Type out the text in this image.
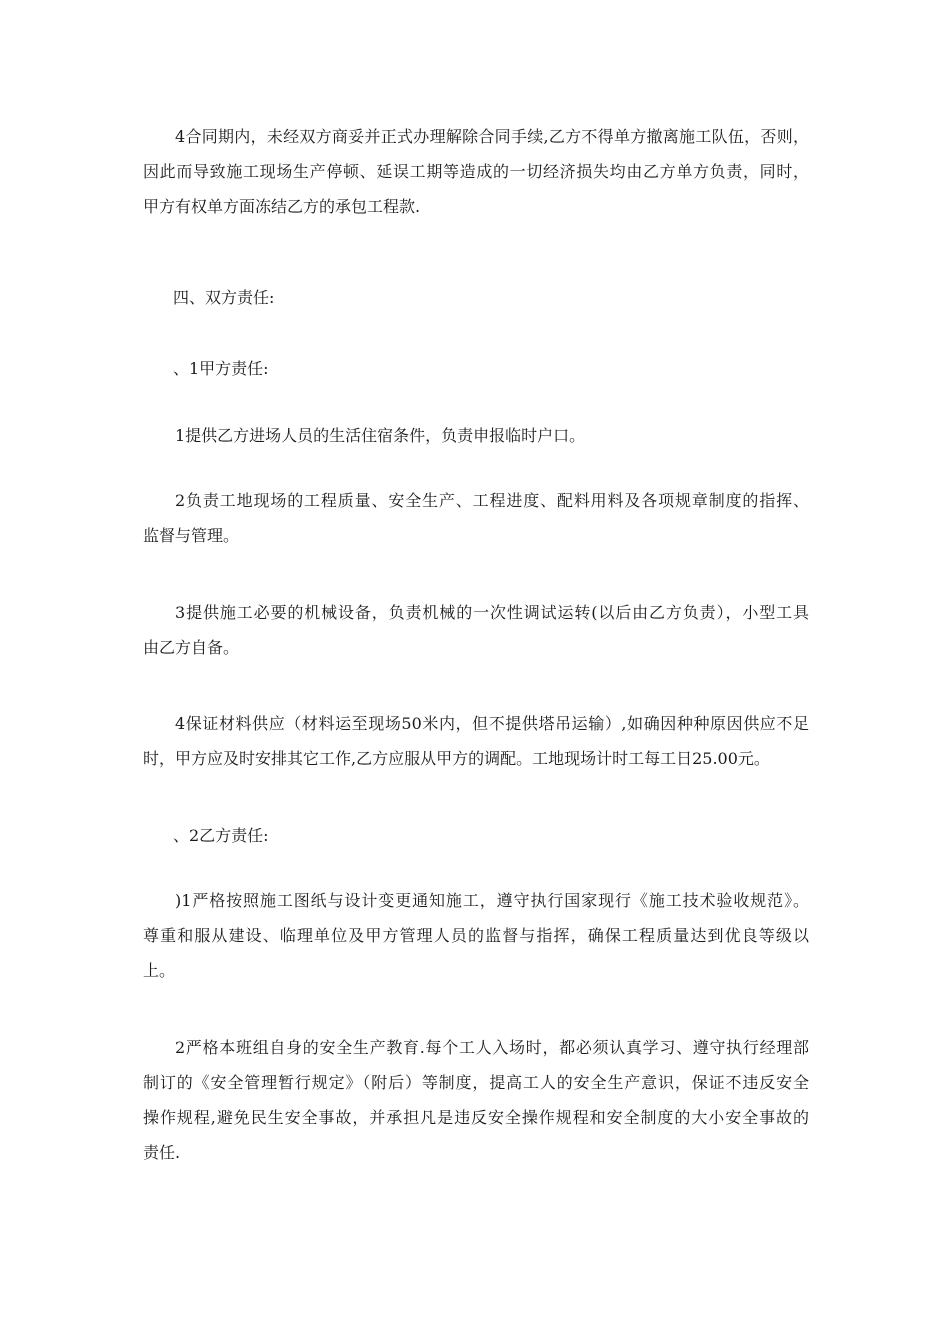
4合同期内，未经双方商妥并正式办理解除合同手续,乙方不得单方撤离施工队伍，否则，
因此而导致施工现场生产停顿、延误工期等造成的一切经济损失均由乙方单方负责，同时，
甲方有权单方面冻结乙方的承包工程款.
四、双方责任:
、1甲方责任:
1提供乙方进场人员的生活住宿条件，负责申报临时户口。
2负责工地现场的工程质量、安全生产、工程进度、配料用料及各项规章制度的指挥、
监督与管理。
3提供施工必要的机械设备，负责机械的一次性调试运转(以后由乙方负责），小型工具
由乙方自备。
4保证材料供应（材料运至现场50米内，但不提供塔吊运输）,如确因种种原因供应不足
时，甲方应及时安排其它工作,乙方应服从甲方的调配。工地现场计时工每工日25.00元。
、2乙方责任:
)1严格按照施工图纸与设计变更通知施工，遵守执行国家现行《施工技术验收规范》。
尊重和服从建设、临理单位及甲方管理人员的监督与指挥，确保工程质量达到优良等级以
上。
2严格本班组自身的安全生产教育.每个工人入场时，都必须认真学习、遵守执行经理部
制订的《安全管理暂行规定》（附后）等制度，提高工人的安全生产意识，保证不违反安全
操作规程,避免民生安全事故，并承担凡是违反安全操作规程和安全制度的大小安全事故的
责任.
